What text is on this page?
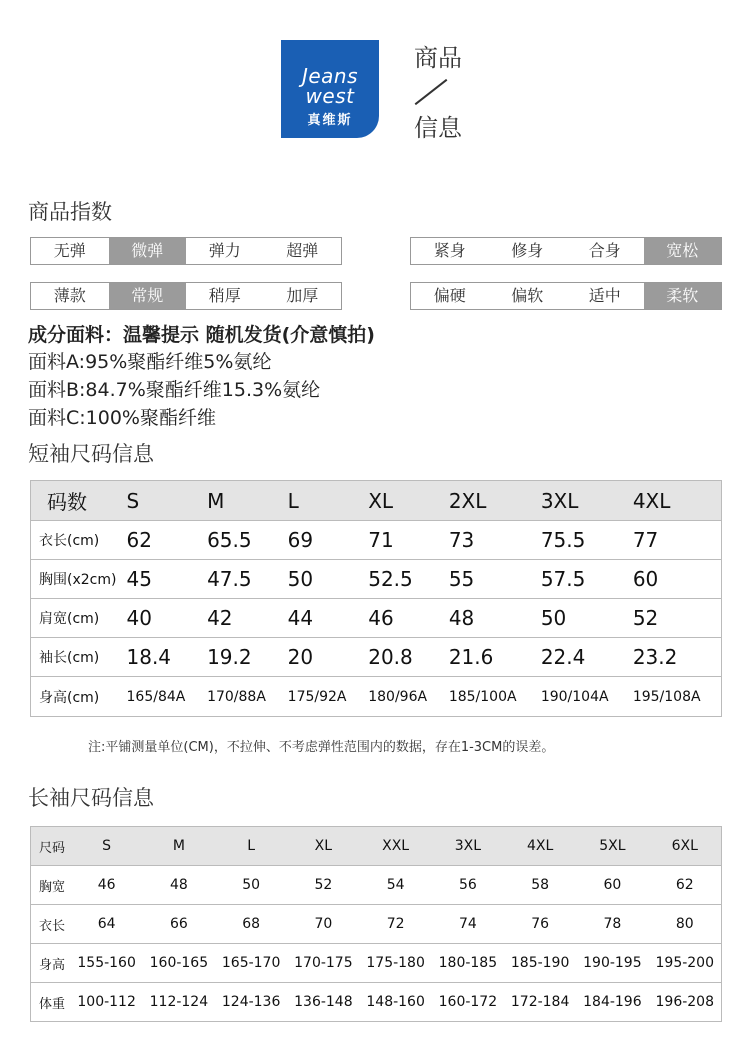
Jeans
west
真维斯
商品
信息
商品指数
无弹	微弹	弹力	超弹	紧身	修身	合身	宽松
薄款	常规	稍厚	加厚	偏硬	偏软	适中	柔软
成分面料：温馨提示 随机发货(介意慎拍)
面料A:95%聚酯纤维5%氨纶
面料B:84.7%聚酯纤维15.3%氨纶
面料C:100%聚酯纤维
短袖尺码信息
码数	S	M	L	XL	2XL	3XL	4XL
衣长(cm)	62	65.5	69	71	73	75.5	77
胸围(x2cm)	45	47.5	50	52.5	55	57.5	60
肩宽(cm)	40	42	44	46	48	50	52
袖长(cm)	18.4	19.2	20	20.8	21.6	22.4	23.2
身高(cm)	165/84A	170/88A	175/92A	180/96A	185/100A	190/104A	195/108A
注:平铺测量单位(CM)，不拉伸、不考虑弹性范围内的数据，存在1-3CM的误差。
长袖尺码信息
尺码	S	M	L	XL	XXL	3XL	4XL	5XL	6XL
胸宽	46	48	50	52	54	56	58	60	62
衣长	64	66	68	70	72	74	76	78	80
身高	155-160	160-165	165-170	170-175	175-180	180-185	185-190	190-195	195-200
体重	100-112	112-124	124-136	136-148	148-160	160-172	172-184	184-196	196-208
